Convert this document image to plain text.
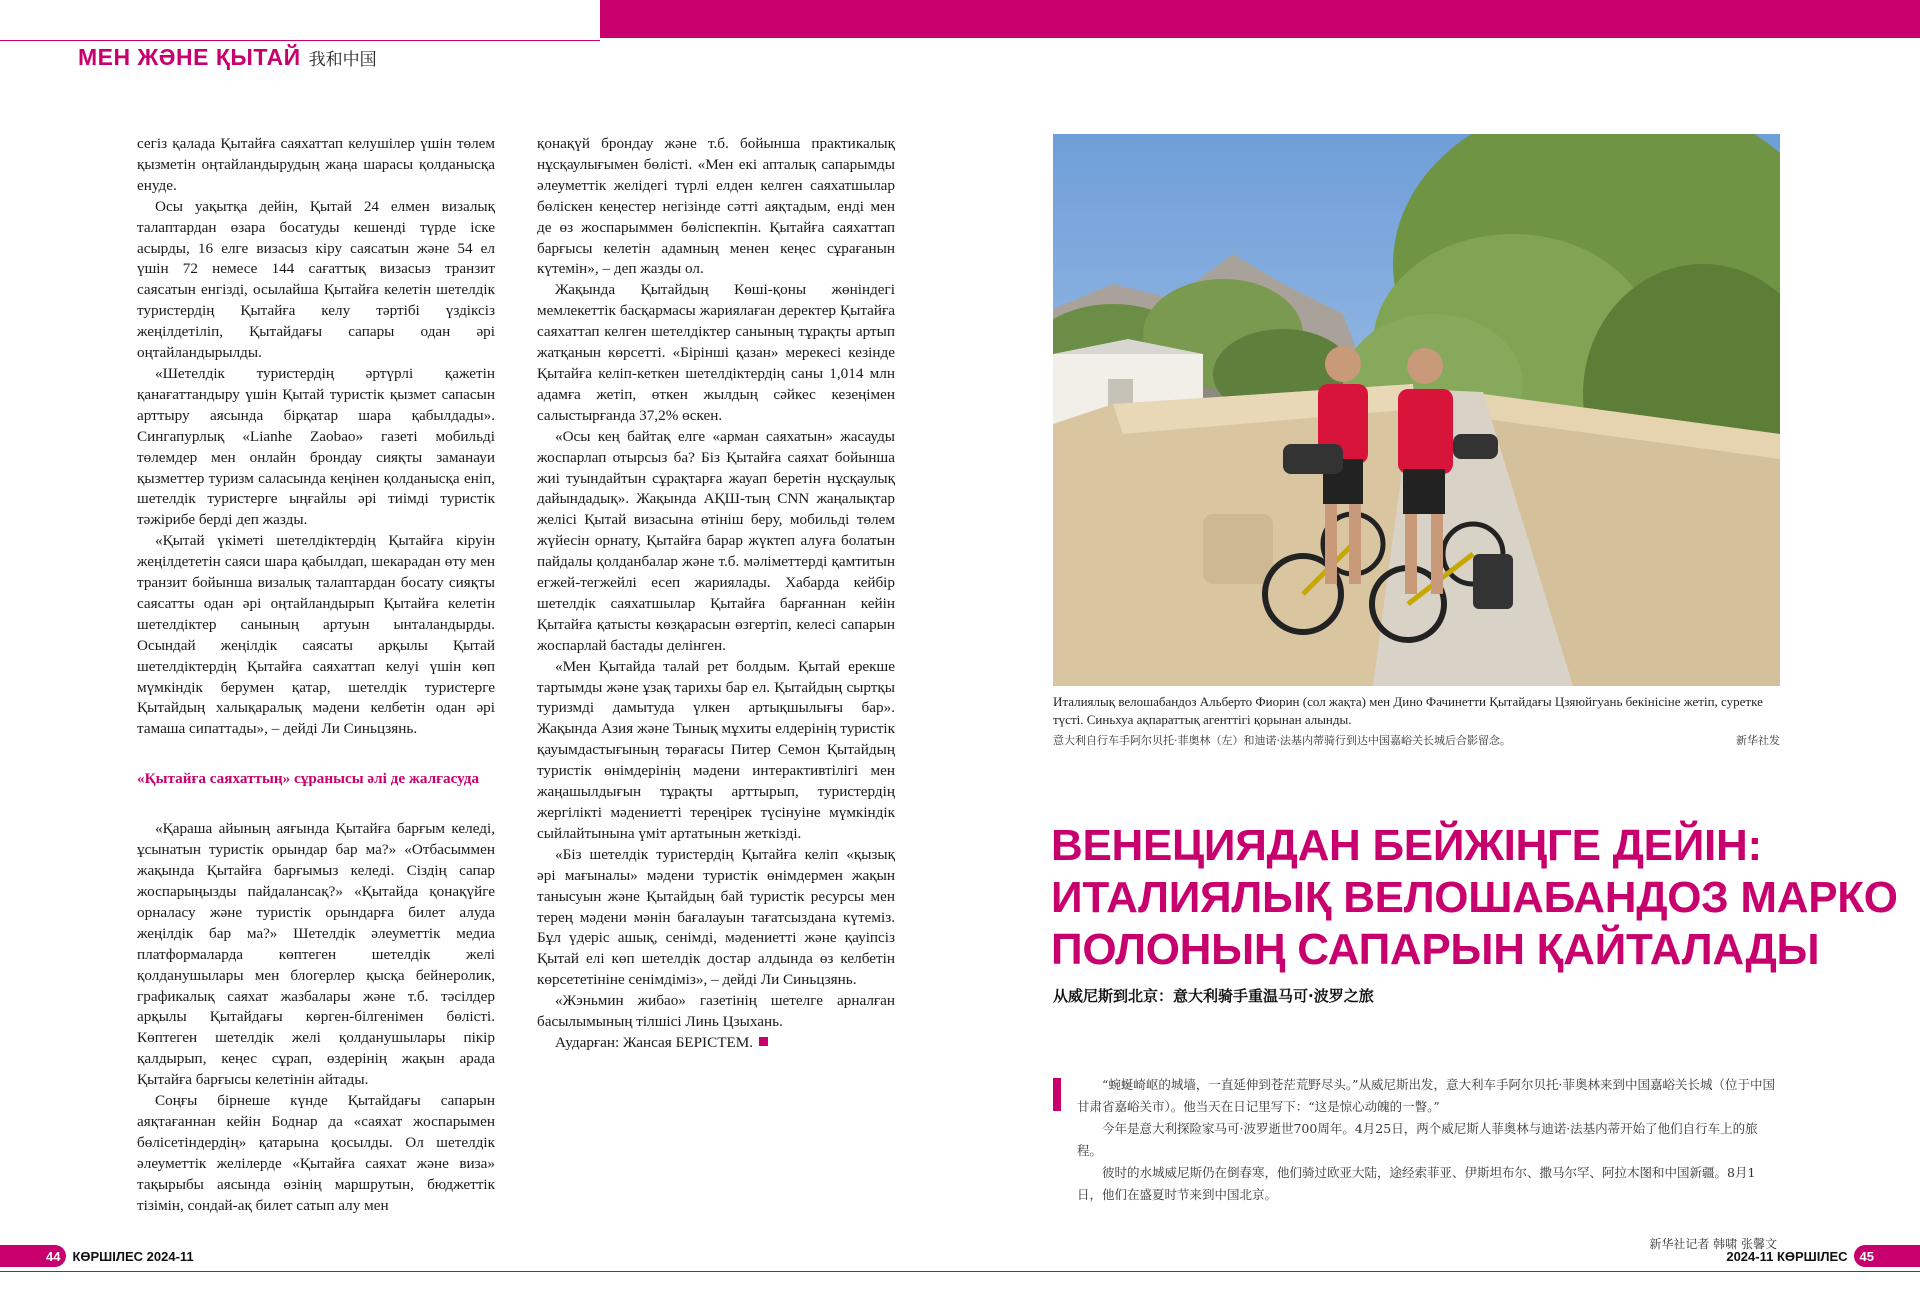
МЕН ЖӘНЕ ҚЫТАЙ 我和中国

сегіз қалада Қытайға саяхаттап келушілер үшін төлем қызметін оңтайландырудың жаңа шарасы қолданысқа енуде.

Осы уақытқа дейін, Қытай 24 елмен визалық талаптардан өзара босатуды кешенді түрде іске асырды, 16 елге визасыз кіру саясатын және 54 ел үшін 72 немесе 144 сағаттық визасыз транзит саясатын енгізді, осылайша Қытайға келетін шетелдік туристердің Қытайға келу тәртібі үздіксіз жеңілдетіліп, Қытайдағы сапары одан әрі оңтайландырылды.

«Шетелдік туристердің әртүрлі қажетін қанағаттандыру үшін Қытай туристік қызмет сапасын арттыру аясында бірқатар шара қабылдады». Сингапурлық «Lianhe Zaobao» газеті мобильді төлемдер мен онлайн брондау сияқты заманауи қызметтер туризм саласында кеңінен қолданысқа еніп, шетелдік туристерге ыңғайлы әрі тиімді туристік тәжірибе берді деп жазды.

«Қытай үкіметі шетелдіктердің Қытайға кіруін жеңілдететін саяси шара қабылдап, шекарадан өту мен транзит бойынша визалық талаптардан босату сияқты саясатты одан әрі оңтайландырып Қытайға келетін шетелдіктер санының артуын ынталандырды. Осындай жеңілдік саясаты арқылы Қытай шетелдіктердің Қытайға саяхаттап келуі үшін көп мүмкіндік берумен қатар, шетелдік туристерге Қытайдың халықаралық мәдени келбетін одан әрі тамаша сипаттады», – дейді Ли Синьцзянь.

«Қытайға саяхаттың» сұранысы әлі де жалғасуда

«Қараша айының аяғында Қытайға барғым келеді, ұсынатын туристік орындар бар ма?» «Отбасыммен жақында Қытайға барғымыз келеді. Сіздің сапар жоспарыңызды пайдалансақ?» «Қытайда қонақүйге орналасу және туристік орындарға билет алуда жеңілдік бар ма?» Шетелдік әлеуметтік медиа платформаларда көптеген шетелдік желі қолданушылары мен блогерлер қысқа бейнеролик, графикалық саяхат жазбалары және т.б. тәсілдер арқылы Қытайдағы көрген-білгенімен бөлісті. Көптеген шетелдік желі қолданушылары пікір қалдырып, кеңес сұрап, өздерінің жақын арада Қытайға барғысы келетінін айтады.

Соңғы бірнеше күнде Қытайдағы сапарын аяқтағаннан кейін Боднар да «саяхат жоспарымен бөлісетіндердің» қатарына қосылды. Ол шетелдік әлеуметтік желілерде «Қытайға саяхат және виза» тақырыбы аясында өзінің маршрутын, бюджеттік тізімін, сондай-ақ билет сатып алу мен

қонақүй брондау және т.б. бойынша практикалық нұсқаулығымен бөлісті. «Мен екі апталық сапарымды әлеуметтік желідегі түрлі елден келген саяхатшылар бөліскен кеңестер негізінде сәтті аяқтадым, енді мен де өз жоспарыммен бөліспекпін. Қытайға саяхаттап барғысы келетін адамның менен кеңес сұрағанын күтемін», – деп жазды ол.

Жақында Қытайдың Көші-қоны жөніндегі мемлекеттік басқармасы жариялаған деректер Қытайға саяхаттап келген шетелдіктер санының тұрақты артып жатқанын көрсетті. «Бірінші қазан» мерекесі кезінде Қытайға келіп-кеткен шетелдіктердің саны 1,014 млн адамға жетіп, өткен жылдың сәйкес кезеңімен салыстырғанда 37,2% өскен.

«Осы кең байтақ елге «арман саяхатын» жасауды жоспарлап отырсыз ба? Біз Қытайға саяхат бойынша жиі туындайтын сұрақтарға жауап беретін нұсқаулық дайындадық». Жақында АҚШ-тың CNN жаңалықтар желісі Қытай визасына өтініш беру, мобильді төлем жүйесін орнату, Қытайға барар жүктеп алуға болатын пайдалы қолданбалар және т.б. мәліметтерді қамтитын егжей-тегжейлі есеп жариялады. Хабарда кейбір шетелдік саяхатшылар Қытайға барғаннан кейін Қытайға қатысты көзқарасын өзгертіп, келесі сапарын жоспарлай бастады делінген.

«Мен Қытайда талай рет болдым. Қытай ерекше тартымды және ұзақ тарихы бар ел. Қытайдың сыртқы туризмді дамытуда үлкен артықшылығы бар». Жақында Азия және Тынық мұхиты елдерінің туристік қауымдастығының төрағасы Питер Семон Қытайдың туристік өнімдерінің мәдени интерактивтілігі мен жаңашылдығын тұрақты арттырып, туристердің жергілікті мәдениетті тереңірек түсінуіне мүмкіндік сыйлайтынына үміт артатынын жеткізді.

«Біз шетелдік туристердің Қытайға келіп «қызық әрі мағыналы» мәдени туристік өнімдермен жақын танысуын және Қытайдың бай туристік ресурсы мен терең мәдени мәнін бағалауын тағатсыздана күтеміз. Бұл үдеріс ашық, сенімді, мәдениетті және қауіпсіз Қытай елі көп шетелдік достар алдында өз келбетін көрсететініне сенімдіміз», – дейді Ли Синьцзянь.

«Жэньмин жибао» газетінің шетелге арналған басылымының тілшісі Линь Цзыхань.

Аударған: Жансая БЕРІСТЕМ.

Италиялық велошабандоз Альберто Фиорин (сол жақта) мен Дино Фачинетти Қытайдағы Цзяюйгуань бекінісіне жетіп, суретке түсті. Синьхуа ақпараттық агенттігі қорынан алынды.
意大利自行车手阿尔贝托·菲奥林（左）和迪诺·法基内蒂骑行到达中国嘉峪关长城后合影留念。	新华社发
ВЕНЕЦИЯДАН БЕЙЖІҢГЕ ДЕЙІН:
ИТАЛИЯЛЫҚ ВЕЛОШАБАНДОЗ МАРКО
ПОЛОНЫҢ САПАРЫН ҚАЙТАЛАДЫ
从威尼斯到北京：意大利骑手重温马可·波罗之旅

“蜿蜒崎岖的城墙，一直延伸到苍茫荒野尽头。”从威尼斯出发，意大利车手阿尔贝托·菲奥林来到中国嘉峪关长城（位于中国甘肃省嘉峪关市）。他当天在日记里写下：“这是惊心动魄的一瞥。”

今年是意大利探险家马可·波罗逝世700周年。4月25日，两个威尼斯人菲奥林与迪诺·法基内蒂开始了他们自行车上的旅程。

彼时的水城威尼斯仍在倒春寒，他们骑过欧亚大陆，途经索菲亚、伊斯坦布尔、撒马尔罕、阿拉木图和中国新疆。8月1日，他们在盛夏时节来到中国北京。

新华社记者 韩啸 张馨文
44 КӨРШІЛЕС 2024-11	2024-11 КӨРШІЛЕС 45
